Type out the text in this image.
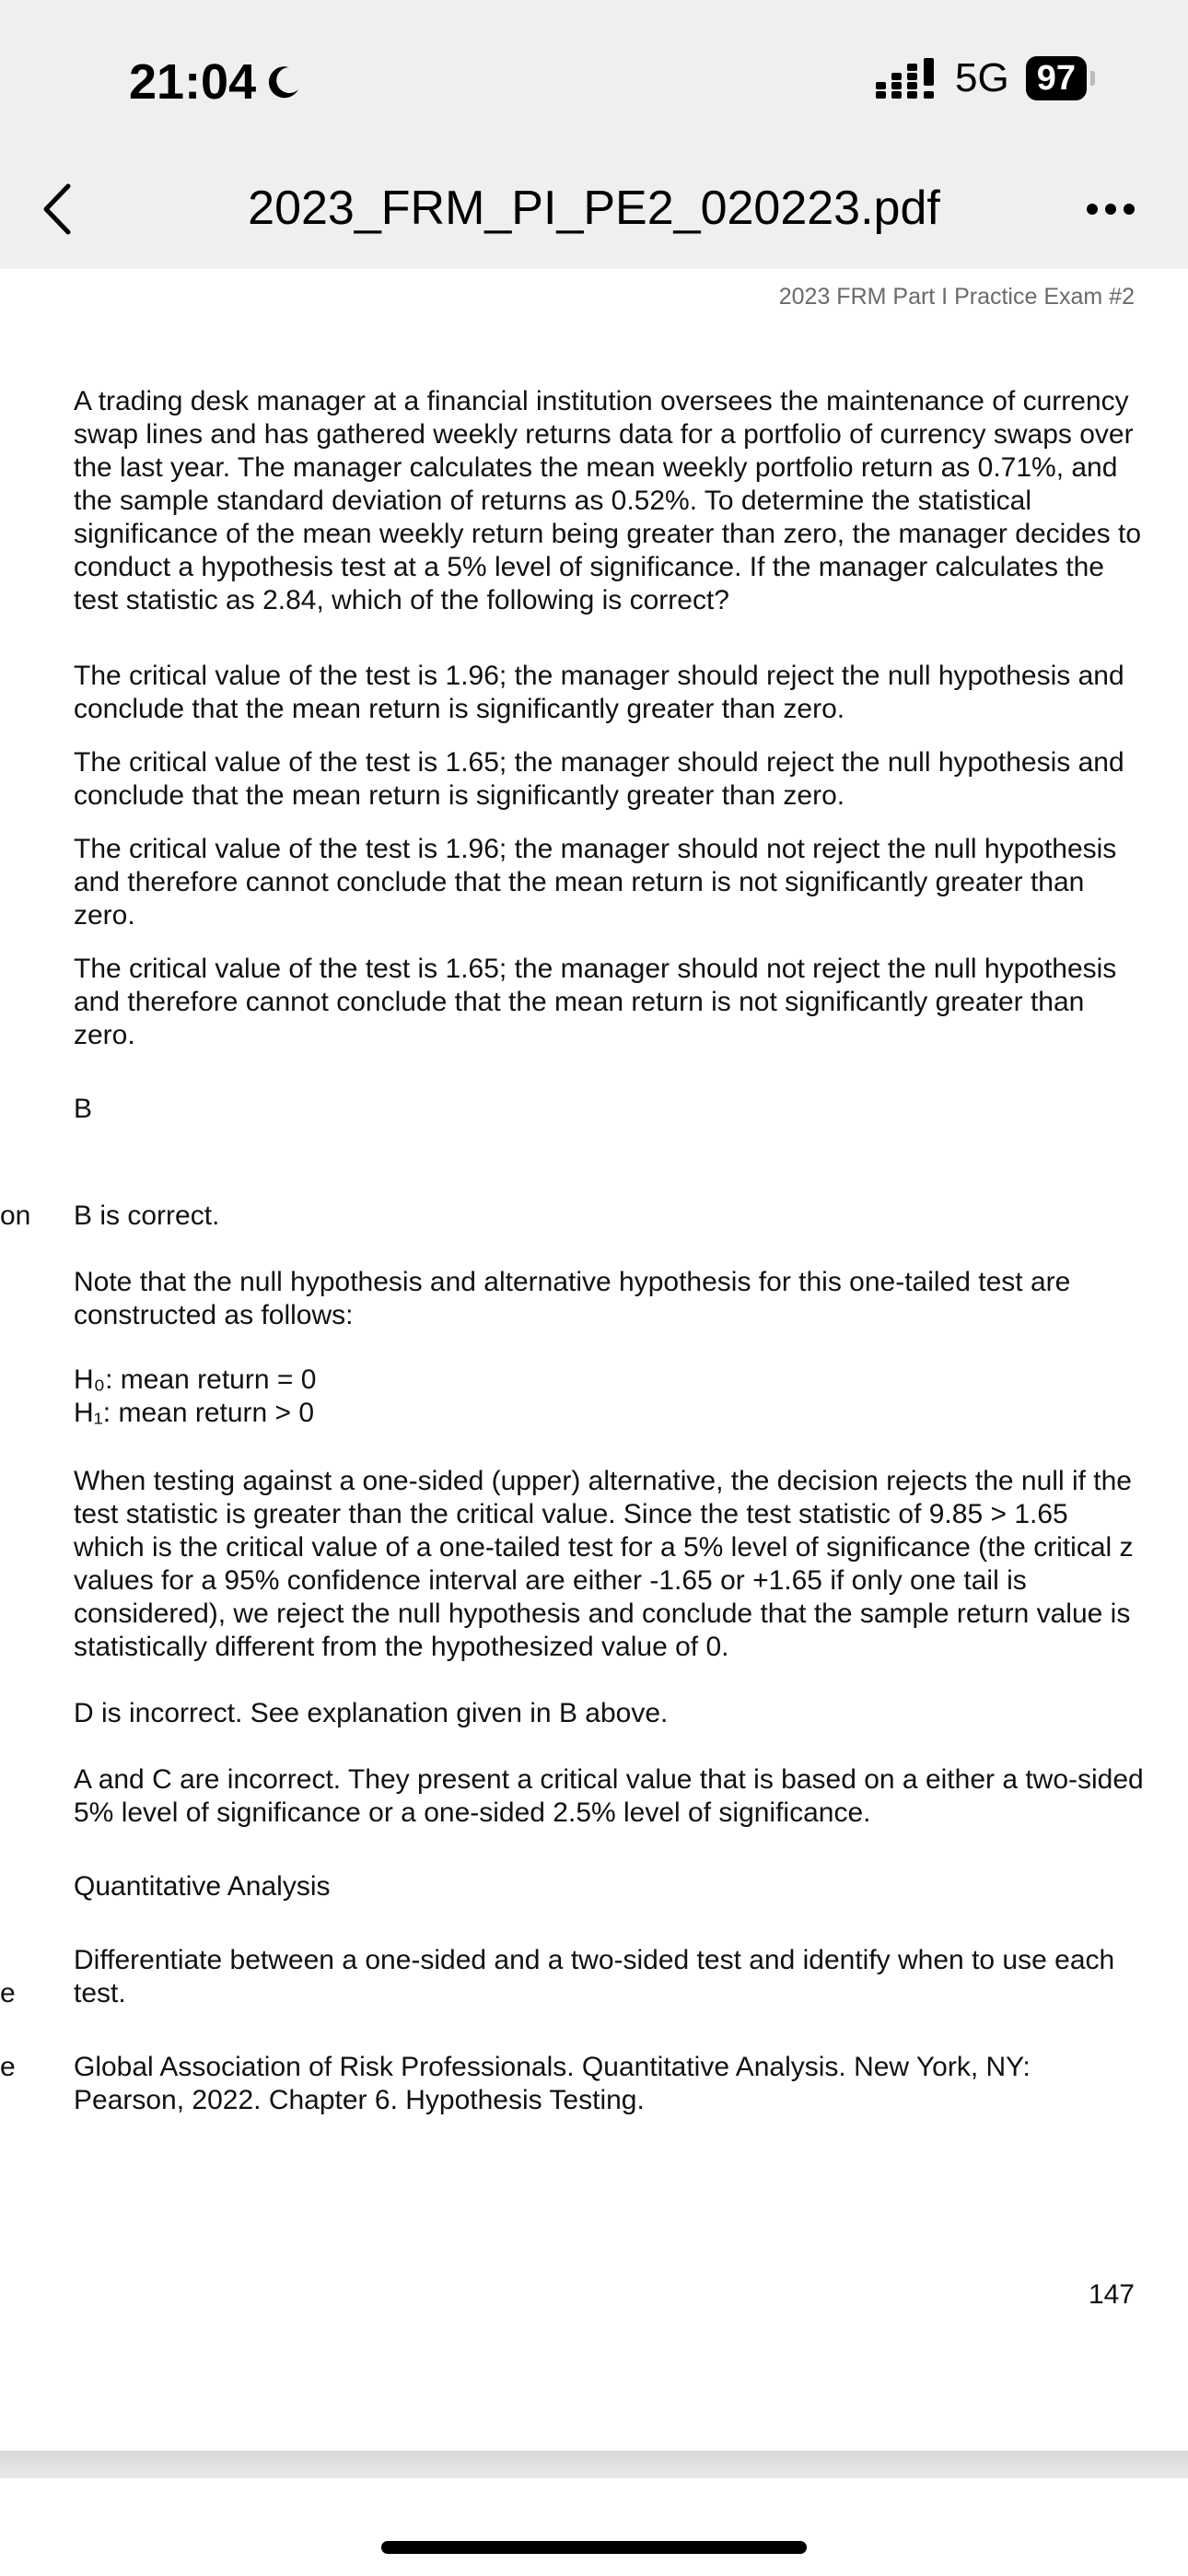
21:04	5G 97
2023_FRM_PI_PE2_020223.pdf
2023 FRM Part I Practice Exam #2

A trading desk manager at a financial institution oversees the maintenance of currency swap lines and has gathered weekly returns data for a portfolio of currency swaps over the last year. The manager calculates the mean weekly portfolio return as 0.71%, and the sample standard deviation of returns as 0.52%. To determine the statistical significance of the mean weekly return being greater than zero, the manager decides to conduct a hypothesis test at a 5% level of significance. If the manager calculates the test statistic as 2.84, which of the following is correct?

The critical value of the test is 1.96; the manager should reject the null hypothesis and conclude that the mean return is significantly greater than zero.

The critical value of the test is 1.65; the manager should reject the null hypothesis and conclude that the mean return is significantly greater than zero.

The critical value of the test is 1.96; the manager should not reject the null hypothesis and therefore cannot conclude that the mean return is not significantly greater than zero.

The critical value of the test is 1.65; the manager should not reject the null hypothesis and therefore cannot conclude that the mean return is not significantly greater than zero.

B

on B is correct.

Note that the null hypothesis and alternative hypothesis for this one-tailed test are constructed as follows:

H₀: mean return = 0

H₁: mean return > 0

When testing against a one-sided (upper) alternative, the decision rejects the null if the test statistic is greater than the critical value. Since the test statistic of 9.85 > 1.65 which is the critical value of a one-tailed test for a 5% level of significance (the critical z values for a 95% confidence interval are either -1.65 or +1.65 if only one tail is considered), we reject the null hypothesis and conclude that the sample return value is statistically different from the hypothesized value of 0.

D is incorrect. See explanation given in B above.

A and C are incorrect. They present a critical value that is based on a either a two-sided 5% level of significance or a one-sided 2.5% level of significance.

Quantitative Analysis

e

Differentiate between a one-sided and a two-sided test and identify when to use each test.

e Global Association of Risk Professionals. Quantitative Analysis. New York, NY: Pearson, 2022. Chapter 6. Hypothesis Testing.

147
